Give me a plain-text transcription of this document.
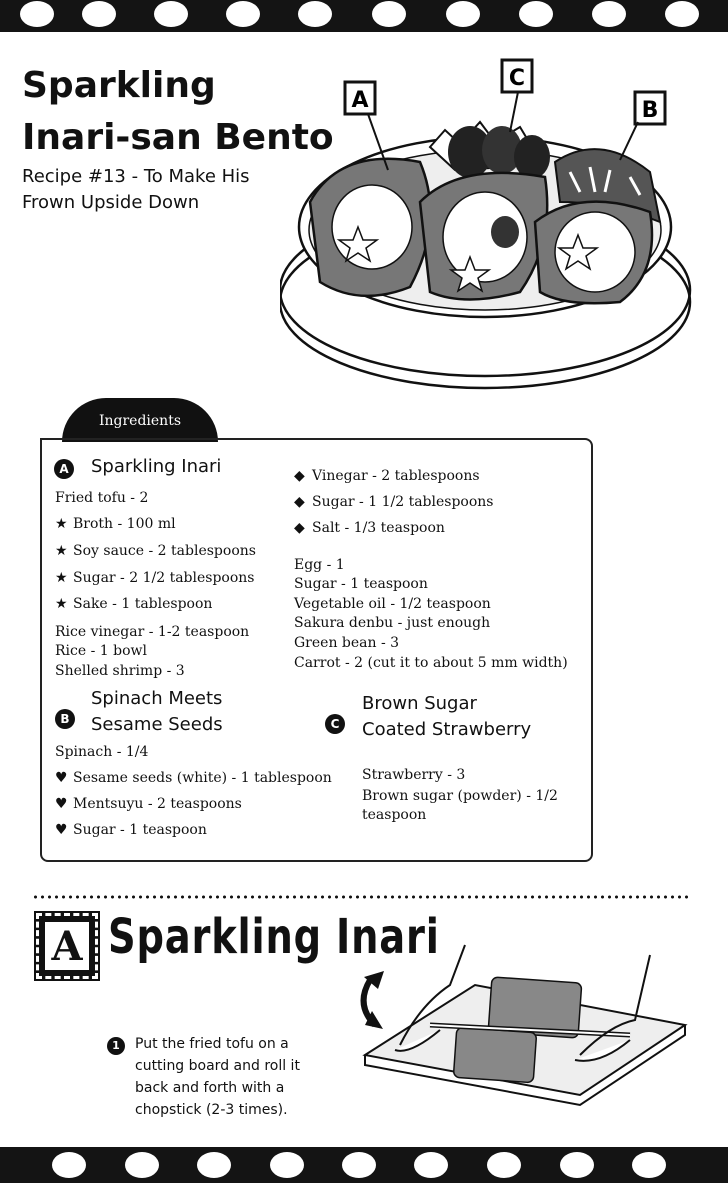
Sparkling
Inari-san Bento
Recipe #13 - To Make His
Frown Upside Down
A
C
B
Ingredients
A Sparkling Inari
Fried tofu - 2
★ Broth - 100 ml
★ Soy sauce - 2 tablespoons
★ Sugar - 2 1/2 tablespoons
★ Sake - 1 tablespoon
Rice vinegar - 1-2 teaspoon
Rice - 1 bowl
Shelled shrimp - 3
◆ Vinegar - 2 tablespoons
◆ Sugar - 1 1/2 tablespoons
◆ Salt - 1/3 teaspoon
Egg - 1
Sugar - 1 teaspoon
Vegetable oil - 1/2 teaspoon
Sakura denbu - just enough
Green bean - 3
Carrot - 2 (cut it to about 5 mm width)
B
Spinach Meets
Sesame Seeds
Spinach - 1/4
♥ Sesame seeds (white) - 1 tablespoon
♥ Mentsuyu - 2 teaspoons
♥ Sugar - 1 teaspoon
C
Brown Sugar
Coated Strawberry
Strawberry - 3
Brown sugar (powder) - 1/2
teaspoon
A Sparkling Inari
1	Put the fried tofu on a
cutting board and roll it
back and forth with a
chopstick (2-3 times).
